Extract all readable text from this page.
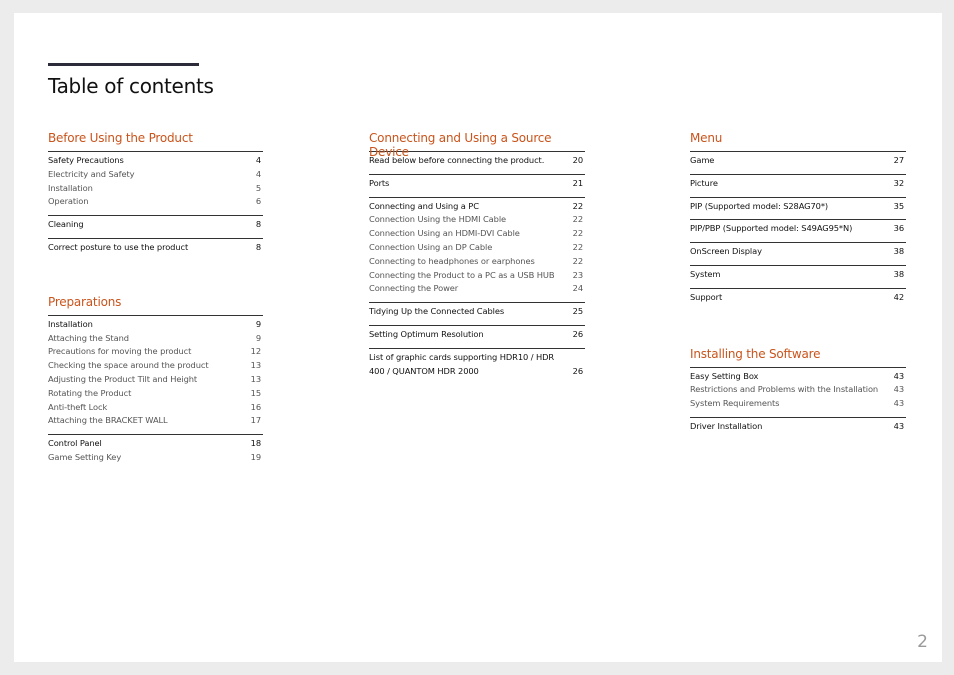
Table of contents
Before Using the Product
Safety Precautions	4
Electricity and Safety	4
Installation	5
Operation	6
Cleaning	8
Correct posture to use the product	8
Preparations
Installation	9
Attaching the Stand	9
Precautions for moving the product	12
Checking the space around the product	13
Adjusting the Product Tilt and Height	13
Rotating the Product	15
Anti-theft Lock	16
Attaching the BRACKET WALL	17
Control Panel	18
Game Setting Key	19
Connecting and Using a Source Device
Read below before connecting the product.	20
Ports	21
Connecting and Using a PC	22
Connection Using the HDMI Cable	22
Connection Using an HDMI-DVI Cable	22
Connection Using an DP Cable	22
Connecting to headphones or earphones	22
Connecting the Product to a PC as a USB HUB 23
Connecting the Power	24
Tidying Up the Connected Cables	25
Setting Optimum Resolution	26
List of graphic cards supporting HDR10 / HDR 400 / QUANTOM HDR 2000	26
Menu
Game	27
Picture	32
PIP (Supported model: S28AG70*)	35
PIP/PBP (Supported model: S49AG95*N)	36
OnScreen Display	38
System	38
Support	42
Installing the Software
Easy Setting Box	43
Restrictions and Problems with the Installation 43
System Requirements	43
Driver Installation	43
2
